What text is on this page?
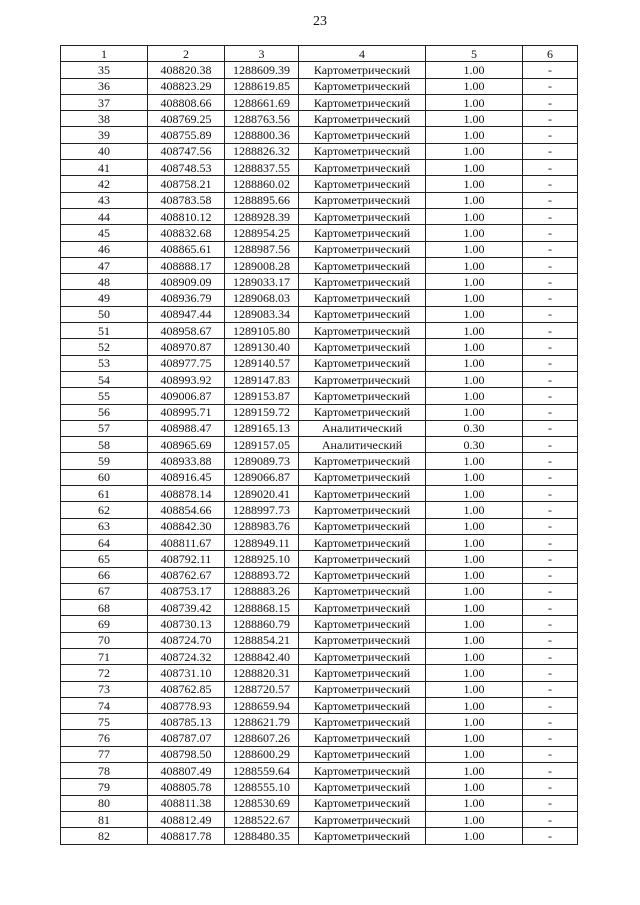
23
1	2	3	4	5	6
35	408820.38	1288609.39	Картометрический	1.00	-
36	408823.29	1288619.85	Картометрический	1.00	-
37	408808.66	1288661.69	Картометрический	1.00	-
38	408769.25	1288763.56	Картометрический	1.00	-
39	408755.89	1288800.36	Картометрический	1.00	-
40	408747.56	1288826.32	Картометрический	1.00	-
41	408748.53	1288837.55	Картометрический	1.00	-
42	408758.21	1288860.02	Картометрический	1.00	-
43	408783.58	1288895.66	Картометрический	1.00	-
44	408810.12	1288928.39	Картометрический	1.00	-
45	408832.68	1288954.25	Картометрический	1.00	-
46	408865.61	1288987.56	Картометрический	1.00	-
47	408888.17	1289008.28	Картометрический	1.00	-
48	408909.09	1289033.17	Картометрический	1.00	-
49	408936.79	1289068.03	Картометрический	1.00	-
50	408947.44	1289083.34	Картометрический	1.00	-
51	408958.67	1289105.80	Картометрический	1.00	-
52	408970.87	1289130.40	Картометрический	1.00	-
53	408977.75	1289140.57	Картометрический	1.00	-
54	408993.92	1289147.83	Картометрический	1.00	-
55	409006.87	1289153.87	Картометрический	1.00	-
56	408995.71	1289159.72	Картометрический	1.00	-
57	408988.47	1289165.13	Аналитический	0.30	-
58	408965.69	1289157.05	Аналитический	0.30	-
59	408933.88	1289089.73	Картометрический	1.00	-
60	408916.45	1289066.87	Картометрический	1.00	-
61	408878.14	1289020.41	Картометрический	1.00	-
62	408854.66	1288997.73	Картометрический	1.00	-
63	408842.30	1288983.76	Картометрический	1.00	-
64	408811.67	1288949.11	Картометрический	1.00	-
65	408792.11	1288925.10	Картометрический	1.00	-
66	408762.67	1288893.72	Картометрический	1.00	-
67	408753.17	1288883.26	Картометрический	1.00	-
68	408739.42	1288868.15	Картометрический	1.00	-
69	408730.13	1288860.79	Картометрический	1.00	-
70	408724.70	1288854.21	Картометрический	1.00	-
71	408724.32	1288842.40	Картометрический	1.00	-
72	408731.10	1288820.31	Картометрический	1.00	-
73	408762.85	1288720.57	Картометрический	1.00	-
74	408778.93	1288659.94	Картометрический	1.00	-
75	408785.13	1288621.79	Картометрический	1.00	-
76	408787.07	1288607.26	Картометрический	1.00	-
77	408798.50	1288600.29	Картометрический	1.00	-
78	408807.49	1288559.64	Картометрический	1.00	-
79	408805.78	1288555.10	Картометрический	1.00	-
80	408811.38	1288530.69	Картометрический	1.00	-
81	408812.49	1288522.67	Картометрический	1.00	-
82	408817.78	1288480.35	Картометрический	1.00	-
